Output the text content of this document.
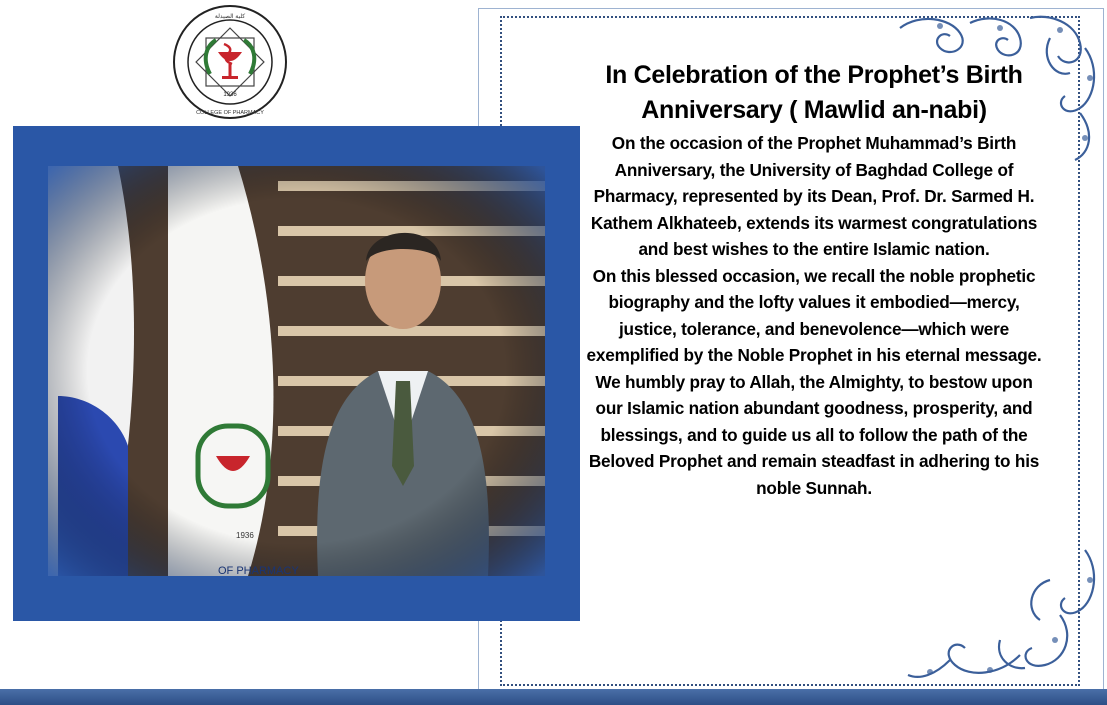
1936
كلية الصيدلة
COLLEGE OF PHARMACY
In Celebration of the Prophet’s Birth
Anniversary ( Mawlid an-nabi)

On the occasion of the Prophet Muhammad’s Birth Anniversary, the University of Baghdad College of Pharmacy, represented by its Dean, Prof. Dr. Sarmed H. Kathem Alkhateeb, extends its warmest congratulations and best wishes to the entire Islamic nation.

On this blessed occasion, we recall the noble prophetic biography and the lofty values it embodied—mercy, justice, tolerance, and benevolence—which were exemplified by the Noble Prophet in his eternal message.

We humbly pray to Allah, the Almighty, to bestow upon our Islamic nation abundant goodness, prosperity, and blessings, and to guide us all to follow the path of the Beloved Prophet and remain steadfast in adhering to his noble Sunnah.
